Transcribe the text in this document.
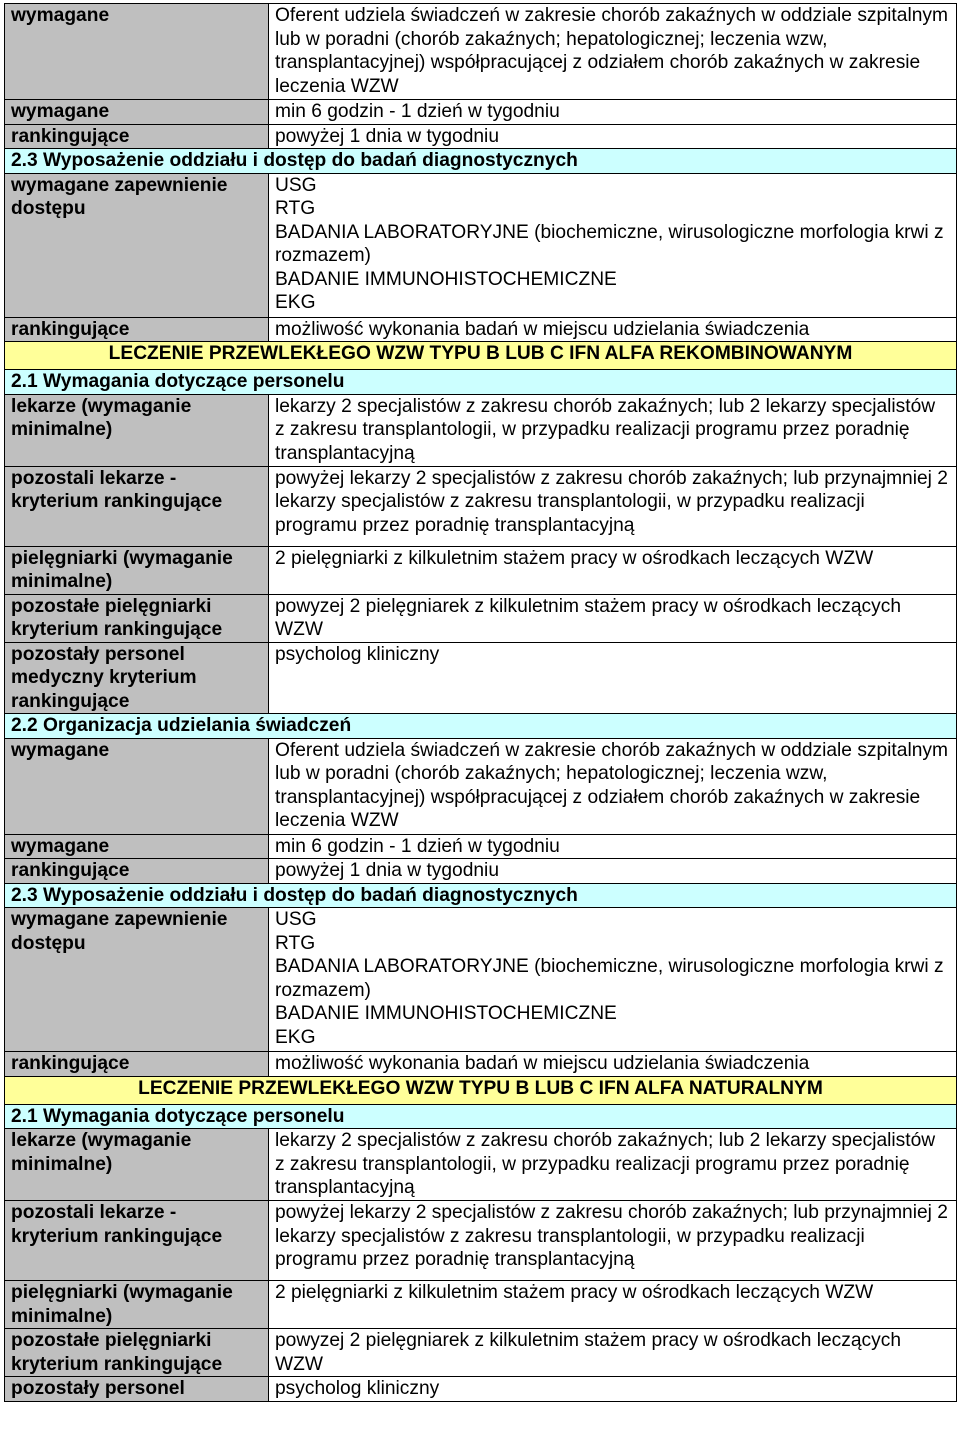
wymagane	Oferent udziela świadczeń w zakresie chorób zakaźnych w oddziale szpitalnym lub w poradni (chorób zakaźnych; hepatologicznej; leczenia wzw, transplantacyjnej) współpracującej z odziałem chorób zakaźnych w zakresie leczenia WZW
wymagane	min 6 godzin - 1 dzień w tygodniu
rankingujące	powyżej 1 dnia w tygodniu
2.3 Wyposażenie oddziału i dostęp do badań diagnostycznych	
wymagane zapewnienie dostępu	USG
RTG
BADANIA LABORATORYJNE (biochemiczne, wirusologiczne morfologia krwi z rozmazem)
BADANIE IMMUNOHISTOCHEMICZNE
EKG
rankingujące	możliwość wykonania badań w miejscu udzielania świadczenia
LECZENIE PRZEWLEKŁEGO WZW TYPU B LUB C IFN ALFA REKOMBINOWANYM	
2.1 Wymagania dotyczące personelu	
lekarze (wymaganie minimalne)	lekarzy 2 specjalistów z zakresu chorób zakaźnych; lub 2 lekarzy specjalistów z zakresu transplantologii, w przypadku realizacji programu przez poradnię transplantacyjną
pozostali lekarze - kryterium rankingujące	powyżej lekarzy 2 specjalistów z zakresu chorób zakaźnych; lub przynajmniej 2 lekarzy specjalistów z zakresu transplantologii, w przypadku realizacji programu przez poradnię transplantacyjną
pielęgniarki (wymaganie minimalne)	2 pielęgniarki z kilkuletnim stażem pracy w ośrodkach leczących WZW
pozostałe pielęgniarki kryterium rankingujące	powyzej 2 pielęgniarek z kilkuletnim stażem pracy w ośrodkach leczących WZW
pozostały personel medyczny kryterium rankingujące	psycholog kliniczny
2.2 Organizacja udzielania świadczeń	
wymagane	Oferent udziela świadczeń w zakresie chorób zakaźnych w oddziale szpitalnym lub w poradni (chorób zakaźnych; hepatologicznej; leczenia wzw, transplantacyjnej) współpracującej z odziałem chorób zakaźnych w zakresie leczenia WZW
wymagane	min 6 godzin - 1 dzień w tygodniu
rankingujące	powyżej 1 dnia w tygodniu
2.3 Wyposażenie oddziału i dostęp do badań diagnostycznych	
wymagane zapewnienie dostępu	USG
RTG
BADANIA LABORATORYJNE (biochemiczne, wirusologiczne morfologia krwi z rozmazem)
BADANIE IMMUNOHISTOCHEMICZNE
EKG
rankingujące	możliwość wykonania badań w miejscu udzielania świadczenia
LECZENIE PRZEWLEKŁEGO WZW TYPU B LUB C IFN ALFA NATURALNYM	
2.1 Wymagania dotyczące personelu	
lekarze (wymaganie minimalne)	lekarzy 2 specjalistów z zakresu chorób zakaźnych; lub 2 lekarzy specjalistów z zakresu transplantologii, w przypadku realizacji programu przez poradnię transplantacyjną
pozostali lekarze - kryterium rankingujące	powyżej lekarzy 2 specjalistów z zakresu chorób zakaźnych; lub przynajmniej 2 lekarzy specjalistów z zakresu transplantologii, w przypadku realizacji programu przez poradnię transplantacyjną
pielęgniarki (wymaganie minimalne)	2 pielęgniarki z kilkuletnim stażem pracy w ośrodkach leczących WZW
pozostałe pielęgniarki kryterium rankingujące	powyzej 2 pielęgniarek z kilkuletnim stażem pracy w ośrodkach leczących WZW
pozostały personel	psycholog kliniczny
